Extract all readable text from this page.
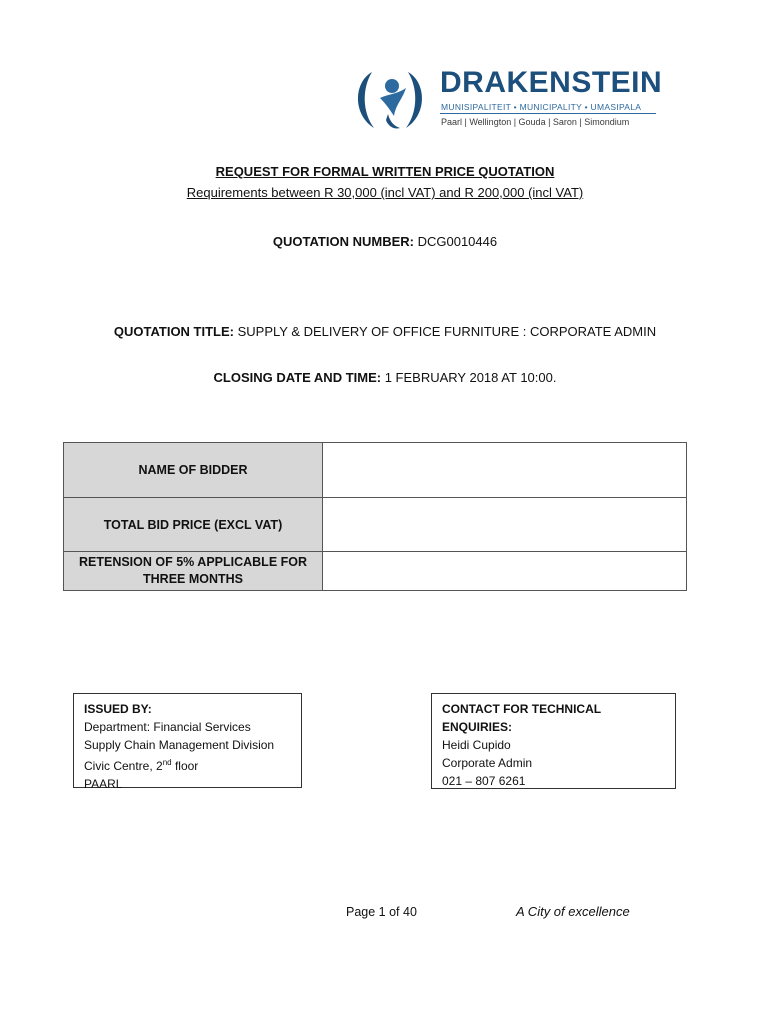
DRAKENSTEIN
MUNISIPALITEIT • MUNICIPALITY • UMASIPALA
Paarl | Wellington | Gouda | Saron | Simondium
REQUEST FOR FORMAL WRITTEN PRICE QUOTATION
Requirements between R 30,000 (incl VAT) and R 200,000 (incl VAT)
QUOTATION NUMBER: DCG0010446
QUOTATION TITLE: SUPPLY & DELIVERY OF OFFICE FURNITURE : CORPORATE ADMIN
CLOSING DATE AND TIME: 1 FEBRUARY 2018 AT 10:00.
NAME OF BIDDER	
TOTAL BID PRICE (EXCL VAT)	
RETENSION OF 5% APPLICABLE FOR THREE MONTHS	
ISSUED BY:
Department: Financial Services
Supply Chain Management Division
Civic Centre, 2nd floor
PAARL
CONTACT FOR TECHNICAL ENQUIRIES:
Heidi Cupido
Corporate Admin
021 – 807 6261
Page 1 of 40	A City of excellence
